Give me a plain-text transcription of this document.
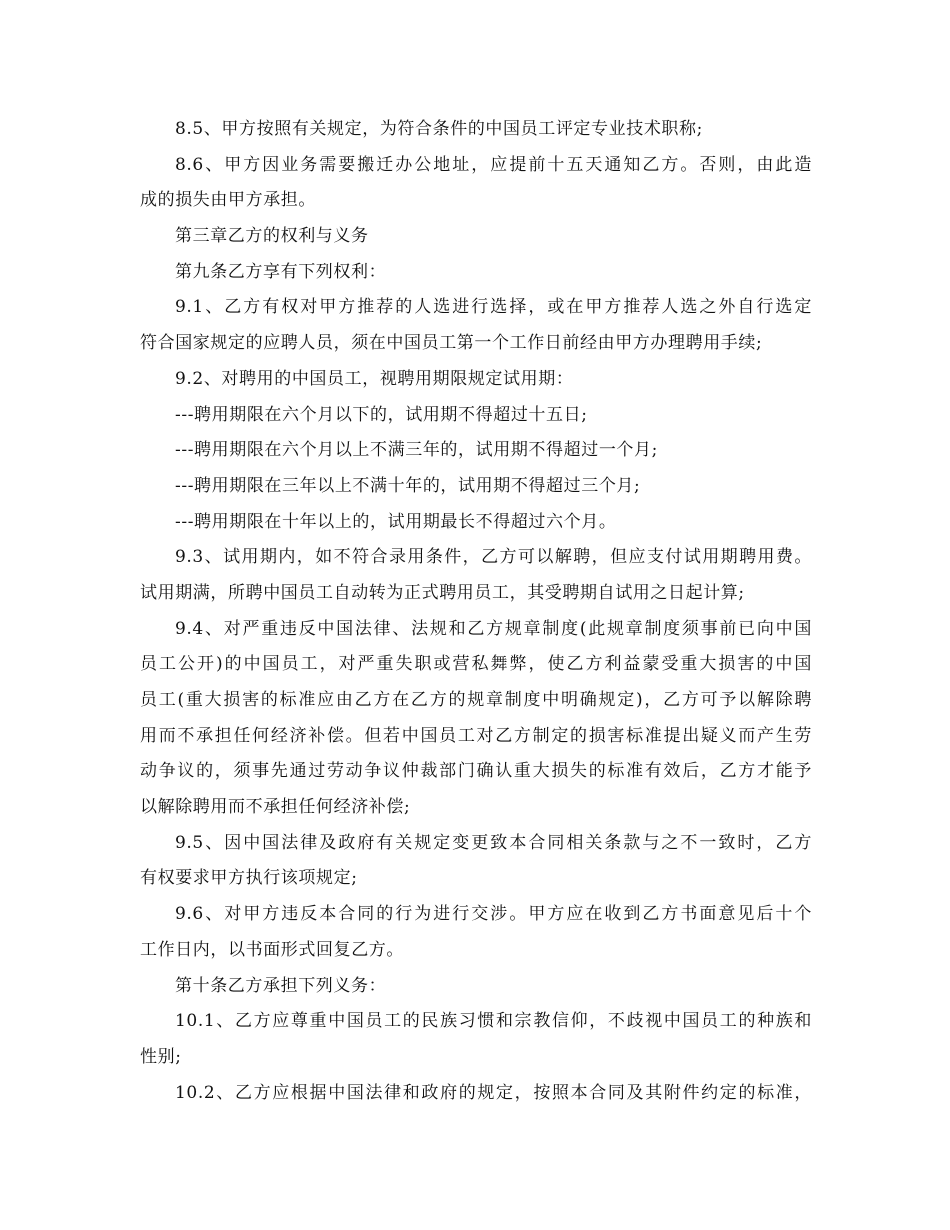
8.5、甲方按照有关规定，为符合条件的中国员工评定专业技术职称;
8.6、甲方因业务需要搬迁办公地址，应提前十五天通知乙方。否则，由此造
成的损失由甲方承担。
第三章乙方的权利与义务
第九条乙方享有下列权利：
9.1、乙方有权对甲方推荐的人选进行选择，或在甲方推荐人选之外自行选定
符合国家规定的应聘人员，须在中国员工第一个工作日前经由甲方办理聘用手续;
9.2、对聘用的中国员工，视聘用期限规定试用期：
---聘用期限在六个月以下的，试用期不得超过十五日;
---聘用期限在六个月以上不满三年的，试用期不得超过一个月;
---聘用期限在三年以上不满十年的，试用期不得超过三个月;
---聘用期限在十年以上的，试用期最长不得超过六个月。
9.3、试用期内，如不符合录用条件，乙方可以解聘，但应支付试用期聘用费。
试用期满，所聘中国员工自动转为正式聘用员工，其受聘期自试用之日起计算;
9.4、对严重违反中国法律、法规和乙方规章制度(此规章制度须事前已向中国
员工公开)的中国员工，对严重失职或营私舞弊，使乙方利益蒙受重大损害的中国
员工(重大损害的标准应由乙方在乙方的规章制度中明确规定)，乙方可予以解除聘
用而不承担任何经济补偿。但若中国员工对乙方制定的损害标准提出疑义而产生劳
动争议的，须事先通过劳动争议仲裁部门确认重大损失的标准有效后，乙方才能予
以解除聘用而不承担任何经济补偿;
9.5、因中国法律及政府有关规定变更致本合同相关条款与之不一致时，乙方
有权要求甲方执行该项规定;
9.6、对甲方违反本合同的行为进行交涉。甲方应在收到乙方书面意见后十个
工作日内，以书面形式回复乙方。
第十条乙方承担下列义务：
10.1、乙方应尊重中国员工的民族习惯和宗教信仰，不歧视中国员工的种族和
性别;
10.2、乙方应根据中国法律和政府的规定，按照本合同及其附件约定的标准，
